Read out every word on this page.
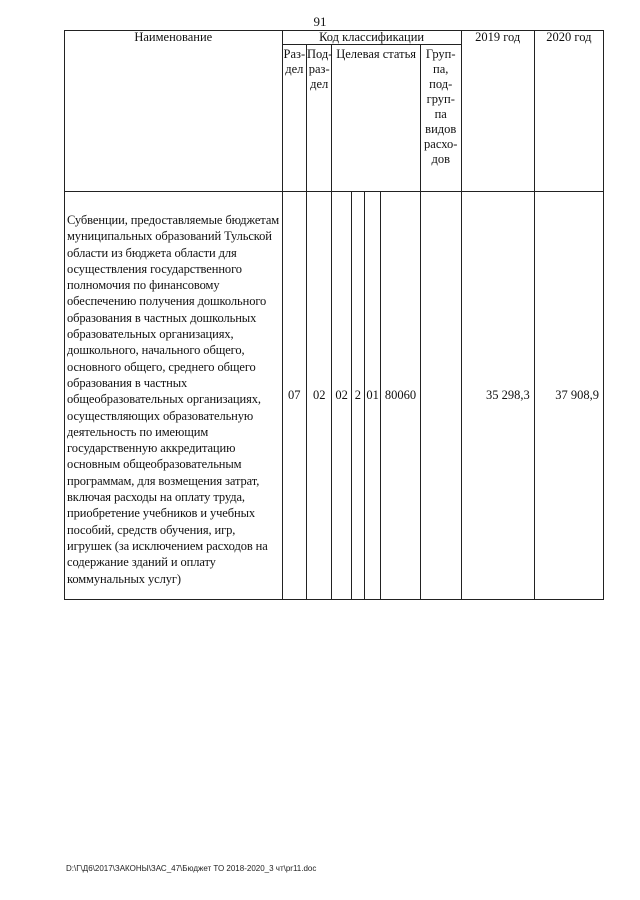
91
Наименование	Код классификации							2019 год	2020 год
	Раз-дел	Под-раз-дел	Целевая статья				Груп-па, под-груп-па видов расхо-дов		
Субвенции, предоставляемые бюджетам муниципальных образований Тульской области из бюджета области для осуществления государственного полномочия по финансовому обеспечению получения дошкольного образования в частных дошкольных образовательных организациях, дошкольного, начального общего, основного общего, среднего общего образования в частных общеобразовательных организациях, осуществляющих образовательную деятельность по имеющим государственную аккредитацию основным общеобразовательным программам, для возмещения затрат, включая расходы на оплату труда, приобретение учебников и учебных пособий, средств обучения, игр, игрушек (за исключением расходов на содержание зданий и оплату коммунальных услуг)	07	02	02	2	01	80060		35 298,3	37 908,9
D:\Г\Д6\2017\ЗАКОНЫ\ЗАС_47\Бюджет ТО 2018-2020_3 чт\pr11.doc
